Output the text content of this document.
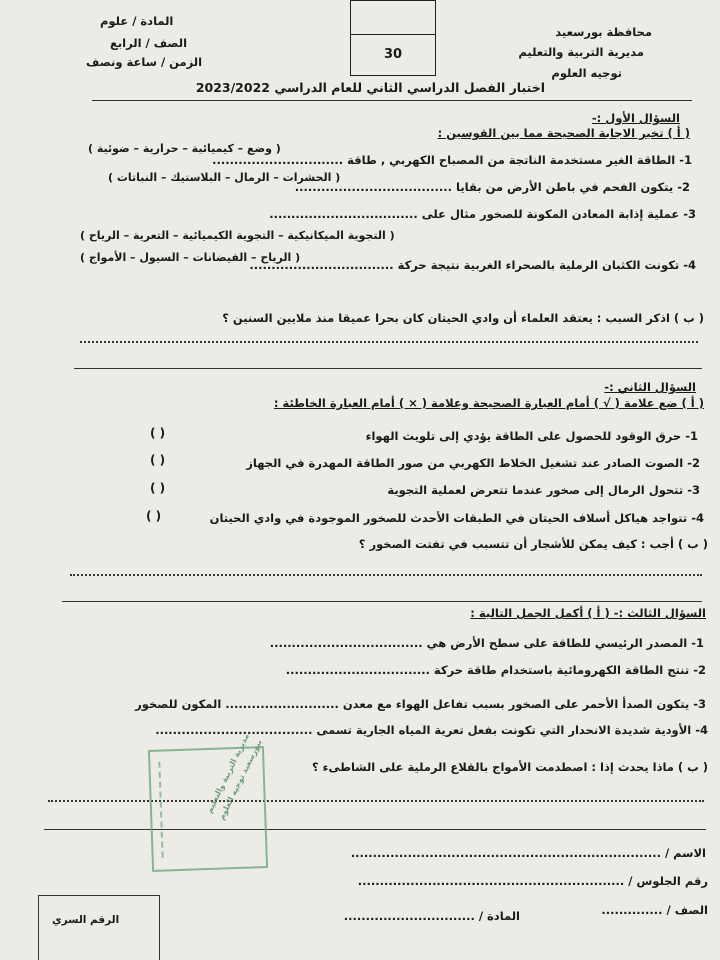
محافظة بورسعيد
مديرية التربية والتعليم
توجيه العلوم
المادة / علوم
الصف / الرابع
الزمن / ساعة ونصف	30
اختبار الفصل الدراسي الثاني للعام الدراسي 2023/2022
السؤال الأول :-
( أ ) تخير الاجابة الصحيحة مما بين القوسين :
1- الطاقة الغير مستخدمة الناتجة من المصباح الكهربي , طاقة ..............................
( وضع – كيميائية – حرارية – ضوئية )
2- يتكون الفحم في باطن الأرض من بقايا ....................................
( الحشرات – الرمال – البلاستيك – النباتات )
3- عملية إذابة المعادن المكونة للصخور مثال على ..................................
( التجوية الميكانيكية – التجوية الكيميائية – التعرية – الرياح )
4- تكونت الكثبان الرملية بالصحراء الغربية نتيجة حركة .................................
( الرياح – الفيضانات – السيول – الأمواج )
( ب ) اذكر السبب : يعتقد العلماء أن وادي الحيتان كان بحرا عميقا منذ ملايين السنين ؟
السؤال الثاني :-
( أ ) ضع علامة ( √ ) أمام العبارة الصحيحة وعلامة ( × ) أمام العبارة الخاطئة :
1- حرق الوقود للحصول على الطاقة يؤدي إلى تلويث الهواء
( )
2- الصوت الصادر عند تشغيل الخلاط الكهربي من صور الطاقة المهدرة في الجهاز
( )
3- تتحول الرمال إلى صخور عندما تتعرض لعملية التجوية
( )
4- تتواجد هياكل أسلاف الحيتان في الطبقات الأحدث للصخور الموجودة في وادي الحيتان
( )
( ب ) أجب : كيف يمكن للأشجار أن تتسبب في تفتت الصخور ؟
السؤال الثالث :- ( أ ) أكمل الجمل التالية :
1- المصدر الرئيسي للطاقة على سطح الأرض هي ...................................
2- تنتج الطاقة الكهرومائية باستخدام طاقة حركة .................................
3- يتكون الصدأ الأحمر على الصخور بسبب تفاعل الهواء مع معدن .......................... المكون للصخور
4- الأودية شديدة الانحدار التي تكونت بفعل تعرية المياه الجارية تسمى ....................................
( ب ) ماذا يحدث إذا : اصطدمت الأمواج بالقلاع الرملية على الشاطىء ؟
مديرية التربية والتعليم ببورسعيد توجيه العلوم
الاسم / .......................................................................
رقم الجلوس / .............................................................
الصف / ..............
المادة / ..............................
الرقم السري
